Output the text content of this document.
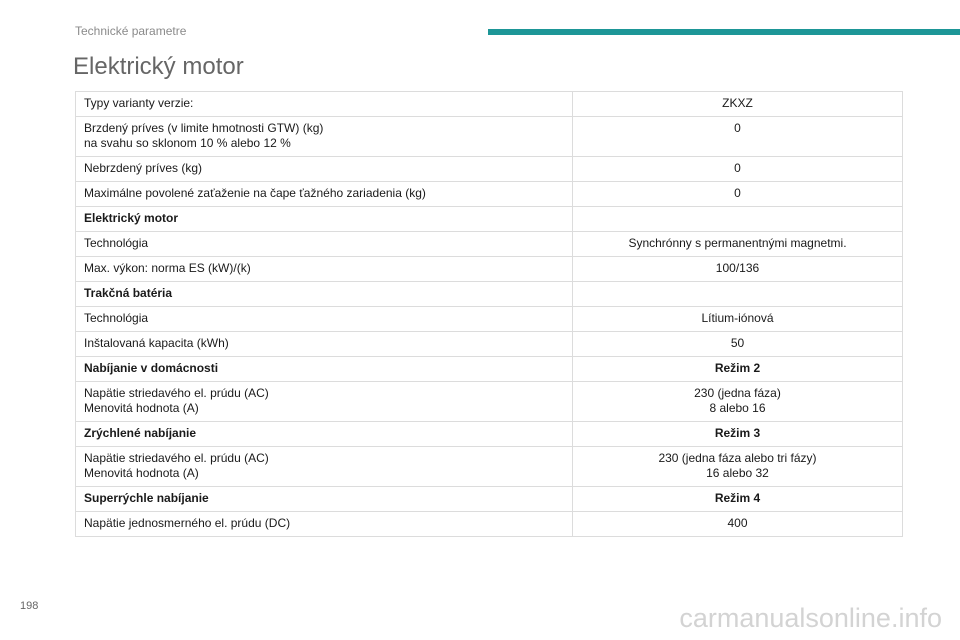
Technické parametre
Elektrický motor
Typy varianty verzie:	ZKXZ

Brzdený príves (v limite hmotnosti GTW) (kg)
na svahu so sklonom 10 % alebo 12 %	0

Nebrzdený príves (kg)	0

Maximálne povolené zaťaženie na čape ťažného zariadenia (kg)	0
Elektrický motor	

Technológia	Synchrónny s permanentnými magnetmi.

Max. výkon: norma ES (kW)/(k)	100/136

Trakčná batéria	

Technológia	Lítium-iónová

Inštalovaná kapacita (kWh)	50

Nabíjanie v domácnosti	Režim 2

Napätie striedavého el. prúdu (AC)
Menovitá hodnota (A)	230 (jedna fáza)
8 alebo 16

Zrýchlené nabíjanie	Režim 3

Napätie striedavého el. prúdu (AC)
Menovitá hodnota (A)	230 (jedna fáza alebo tri fázy)
16 alebo 32

Superrýchle nabíjanie	Režim 4

Napätie jednosmerného el. prúdu (DC)	400
198	carmanualsonline.info
